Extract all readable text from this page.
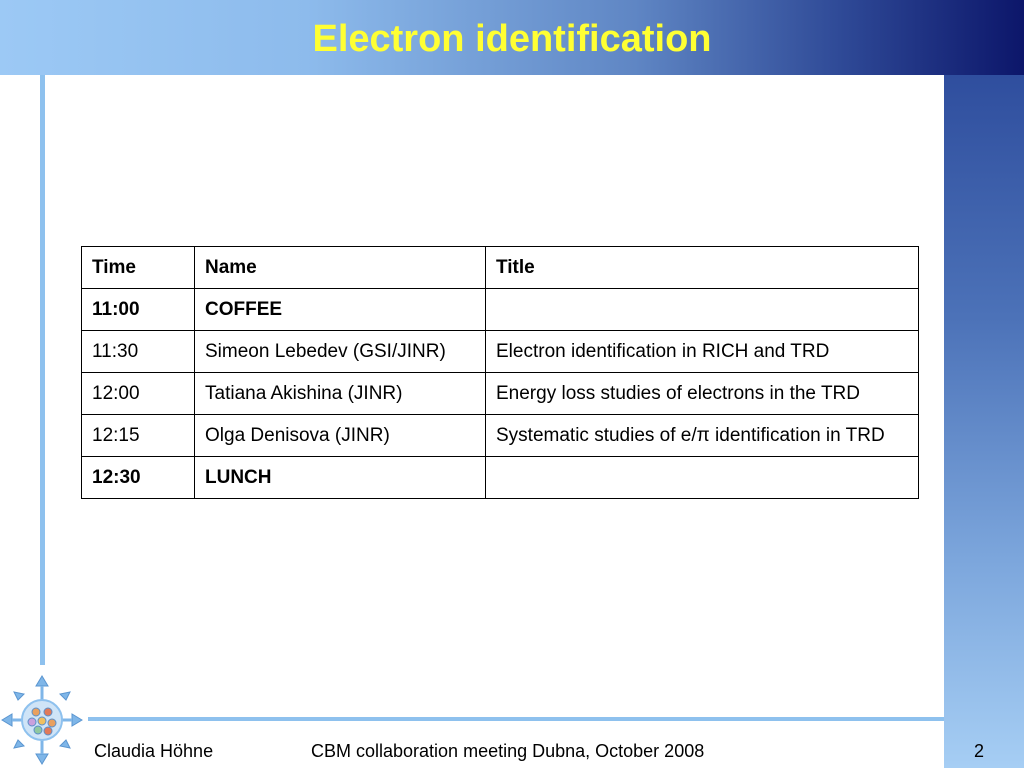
Electron identification
Time	Name	Title
11:00	COFFEE	
11:30	Simeon Lebedev (GSI/JINR)	Electron identification in RICH and TRD
12:00	Tatiana Akishina (JINR)	Energy loss studies of electrons in the TRD
12:15	Olga Denisova (JINR)	Systematic studies of e/π identification in TRD
12:30	LUNCH	
Claudia Höhne	CBM collaboration meeting Dubna, October 2008	2
